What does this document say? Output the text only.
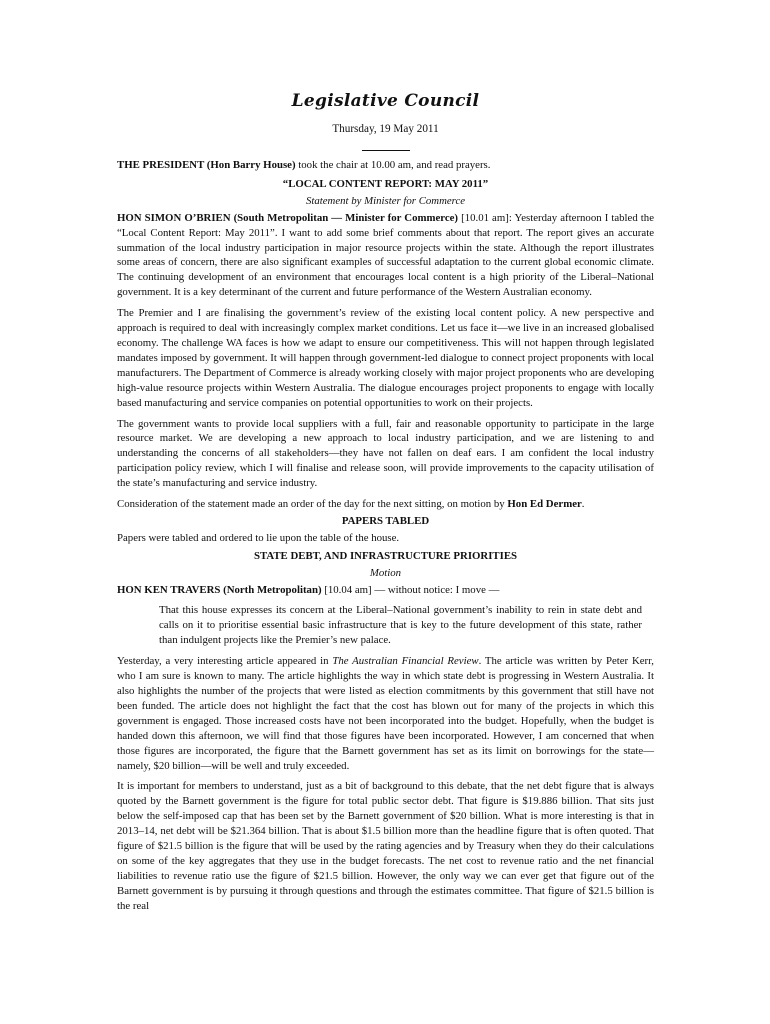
Legislative Council
Thursday, 19 May 2011

THE PRESIDENT (Hon Barry House) took the chair at 10.00 am, and read prayers.

“LOCAL CONTENT REPORT: MAY 2011”
Statement by Minister for Commerce

HON SIMON O’BRIEN (South Metropolitan — Minister for Commerce) [10.01 am]: Yesterday afternoon I tabled the “Local Content Report: May 2011”. I want to add some brief comments about that report. The report gives an accurate summation of the local industry participation in major resource projects within the state. Although the report illustrates some areas of concern, there are also significant examples of successful adaptation to the current global economic climate. The continuing development of an environment that encourages local content is a high priority of the Liberal–National government. It is a key determinant of the current and future performance of the Western Australian economy.

The Premier and I are finalising the government’s review of the existing local content policy. A new perspective and approach is required to deal with increasingly complex market conditions. Let us face it—we live in an increased globalised economy. The challenge WA faces is how we adapt to ensure our competitiveness. This will not happen through legislated mandates imposed by government. It will happen through government-led dialogue to connect project proponents with local manufacturers. The Department of Commerce is already working closely with major project proponents who are developing high-value resource projects within Western Australia. The dialogue encourages project proponents to engage with locally based manufacturing and service companies on potential opportunities to work on their projects.

The government wants to provide local suppliers with a full, fair and reasonable opportunity to participate in the large resource market. We are developing a new approach to local industry participation, and we are listening to and understanding the concerns of all stakeholders—they have not fallen on deaf ears. I am confident the local industry participation policy review, which I will finalise and release soon, will provide improvements to the capacity utilisation of the state’s manufacturing and service industry.

Consideration of the statement made an order of the day for the next sitting, on motion by Hon Ed Dermer.

PAPERS TABLED

Papers were tabled and ordered to lie upon the table of the house.

STATE DEBT, AND INFRASTRUCTURE PRIORITIES
Motion

HON KEN TRAVERS (North Metropolitan) [10.04 am] — without notice: I move —

That this house expresses its concern at the Liberal–National government’s inability to rein in state debt and calls on it to prioritise essential basic infrastructure that is key to the future development of this state, rather than indulgent projects like the Premier’s new palace.

Yesterday, a very interesting article appeared in The Australian Financial Review. The article was written by Peter Kerr, who I am sure is known to many. The article highlights the way in which state debt is progressing in Western Australia. It also highlights the number of the projects that were listed as election commitments by this government that still have not been funded. The article does not highlight the fact that the cost has blown out for many of the projects in which this government is engaged. Those increased costs have not been incorporated into the budget. Hopefully, when the budget is handed down this afternoon, we will find that those figures have been incorporated. However, I am concerned that when those figures are incorporated, the figure that the Barnett government has set as its limit on borrowings for the state—namely, $20 billion—will be well and truly exceeded.

It is important for members to understand, just as a bit of background to this debate, that the net debt figure that is always quoted by the Barnett government is the figure for total public sector debt. That figure is $19.886 billion. That sits just below the self-imposed cap that has been set by the Barnett government of $20 billion. What is more interesting is that in 2013–14, net debt will be $21.364 billion. That is about $1.5 billion more than the headline figure that is often quoted. That figure of $21.5 billion is the figure that will be used by the rating agencies and by Treasury when they do their calculations on some of the key aggregates that they use in the budget forecasts. The net cost to revenue ratio and the net financial liabilities to revenue ratio use the figure of $21.5 billion. However, the only way we can ever get that figure out of the Barnett government is by pursuing it through questions and through the estimates committee. That figure of $21.5 billion is the real
